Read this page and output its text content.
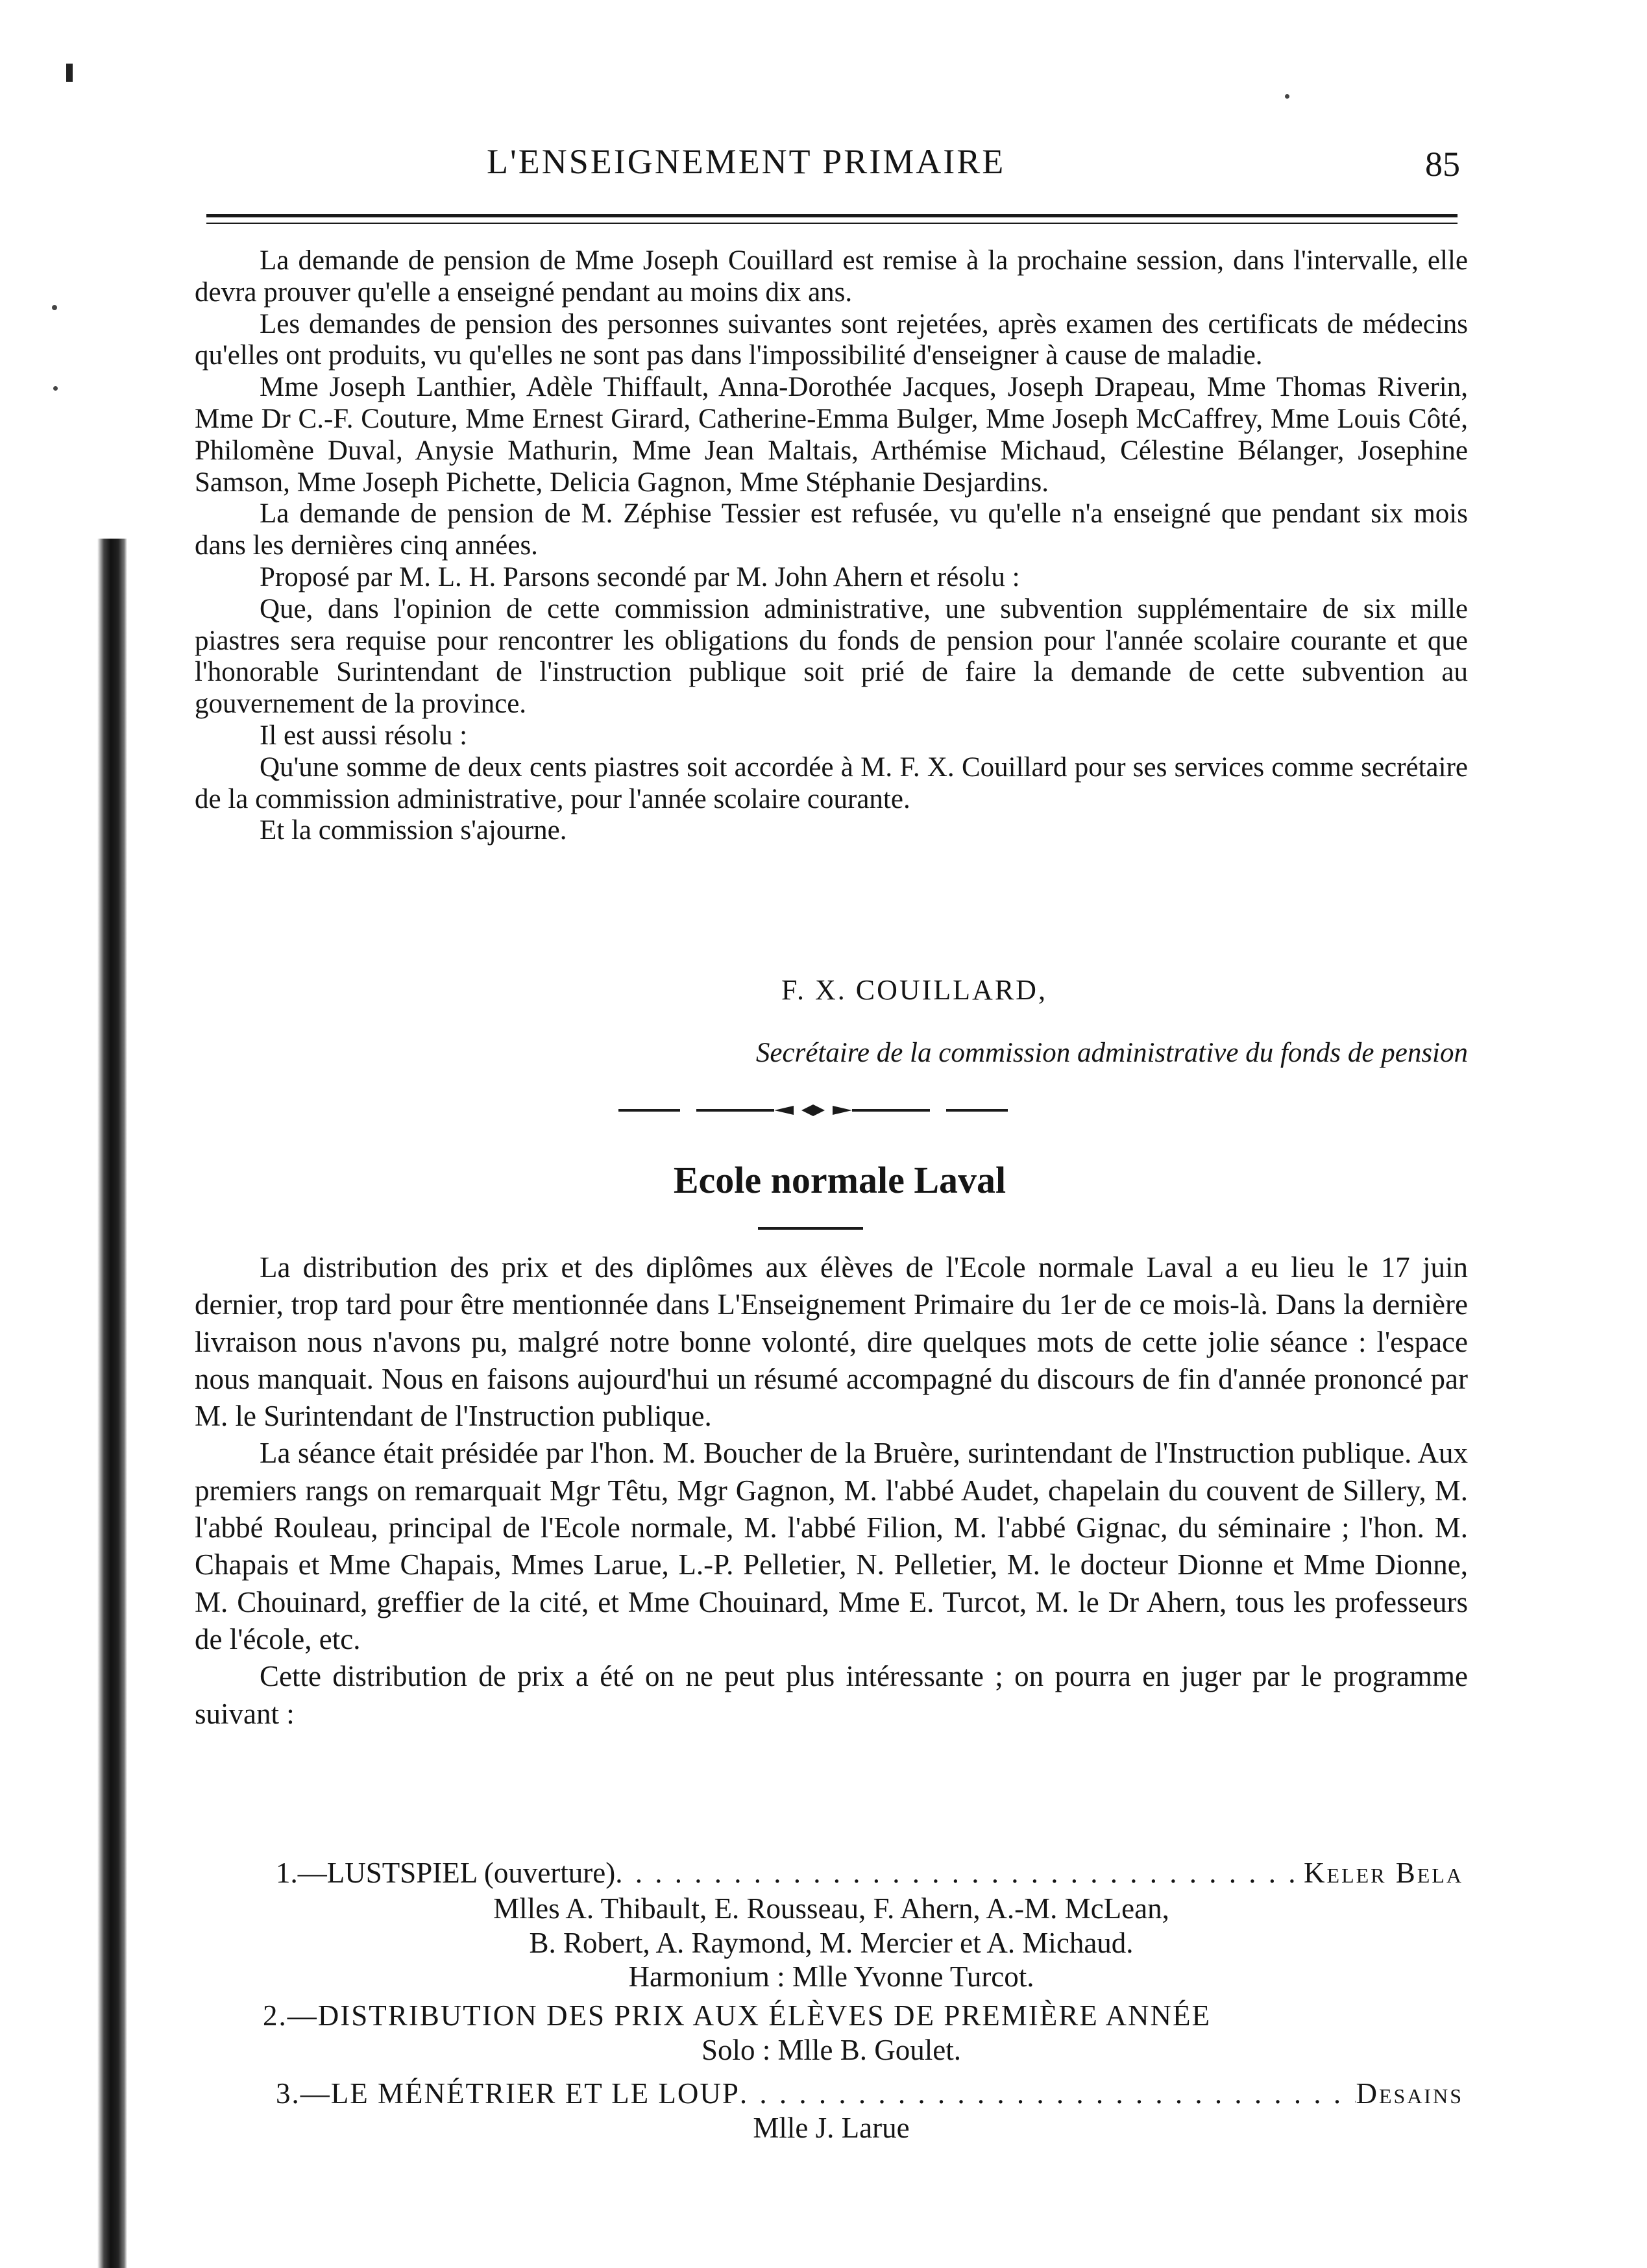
L'ENSEIGNEMENT PRIMAIRE	85

La demande de pension de Mme Joseph Couillard est remise à la prochaine session, dans l'intervalle, elle devra prouver qu'elle a enseigné pendant au moins dix ans.

Les demandes de pension des personnes suivantes sont rejetées, après examen des certificats de médecins qu'elles ont produits, vu qu'elles ne sont pas dans l'impossibilité d'enseigner à cause de maladie.

Mme Joseph Lanthier, Adèle Thiffault, Anna-Dorothée Jacques, Joseph Drapeau, Mme Thomas Riverin, Mme Dr C.-F. Couture, Mme Ernest Girard, Catherine-Emma Bulger, Mme Joseph McCaffrey, Mme Louis Côté, Philomène Duval, Anysie Mathurin, Mme Jean Maltais, Arthémise Michaud, Célestine Bélanger, Josephine Samson, Mme Joseph Pichette, Delicia Gagnon, Mme Stéphanie Desjardins.

La demande de pension de M. Zéphise Tessier est refusée, vu qu'elle n'a enseigné que pendant six mois dans les dernières cinq années.

Proposé par M. L. H. Parsons secondé par M. John Ahern et résolu :

Que, dans l'opinion de cette commission administrative, une subvention supplémentaire de six mille piastres sera requise pour rencontrer les obligations du fonds de pension pour l'année scolaire courante et que l'honorable Surintendant de l'instruction publique soit prié de faire la demande de cette subvention au gouvernement de la province.

Il est aussi résolu :

Qu'une somme de deux cents piastres soit accordée à M. F. X. Couillard pour ses services comme secrétaire de la commission administrative, pour l'année scolaire courante.

Et la commission s'ajourne.

F. X. COUILLARD,
Secrétaire de la commission administrative du fonds de pension
Ecole normale Laval

La distribution des prix et des diplômes aux élèves de l'Ecole normale Laval a eu lieu le 17 juin dernier, trop tard pour être mentionnée dans L'Enseignement Primaire du 1er de ce mois-là. Dans la dernière livraison nous n'avons pu, malgré notre bonne volonté, dire quelques mots de cette jolie séance : l'espace nous manquait. Nous en faisons aujourd'hui un résumé accompagné du discours de fin d'année prononcé par M. le Surintendant de l'Instruction publique.

La séance était présidée par l'hon. M. Boucher de la Bruère, surintendant de l'Instruction publique. Aux premiers rangs on remarquait Mgr Têtu, Mgr Gagnon, M. l'abbé Audet, chapelain du couvent de Sillery, M. l'abbé Rouleau, principal de l'Ecole normale, M. l'abbé Filion, M. l'abbé Gignac, du séminaire ; l'hon. M. Chapais et Mme Chapais, Mmes Larue, L.-P. Pelletier, N. Pelletier, M. le docteur Dionne et Mme Dionne, M. Chouinard, greffier de la cité, et Mme Chouinard, Mme E. Turcot, M. le Dr Ahern, tous les professeurs de l'école, etc.

Cette distribution de prix a été on ne peut plus intéressante ; on pourra en juger par le programme suivant :

1.—LUSTSPIEL (ouverture) . . .	Keler Bela
Mlles A. Thibault, E. Rousseau, F. Ahern, A.-M. McLean,
B. Robert, A. Raymond, M. Mercier et A. Michaud.
Harmonium : Mlle Yvonne Turcot.
2.—DISTRIBUTION DES PRIX AUX ÉLÈVES DE PREMIÈRE ANNÉE
Solo : Mlle B. Goulet.
3.—LE MÉNÉTRIER ET LE LOUP . . .	Desains
Mlle J. Larue
